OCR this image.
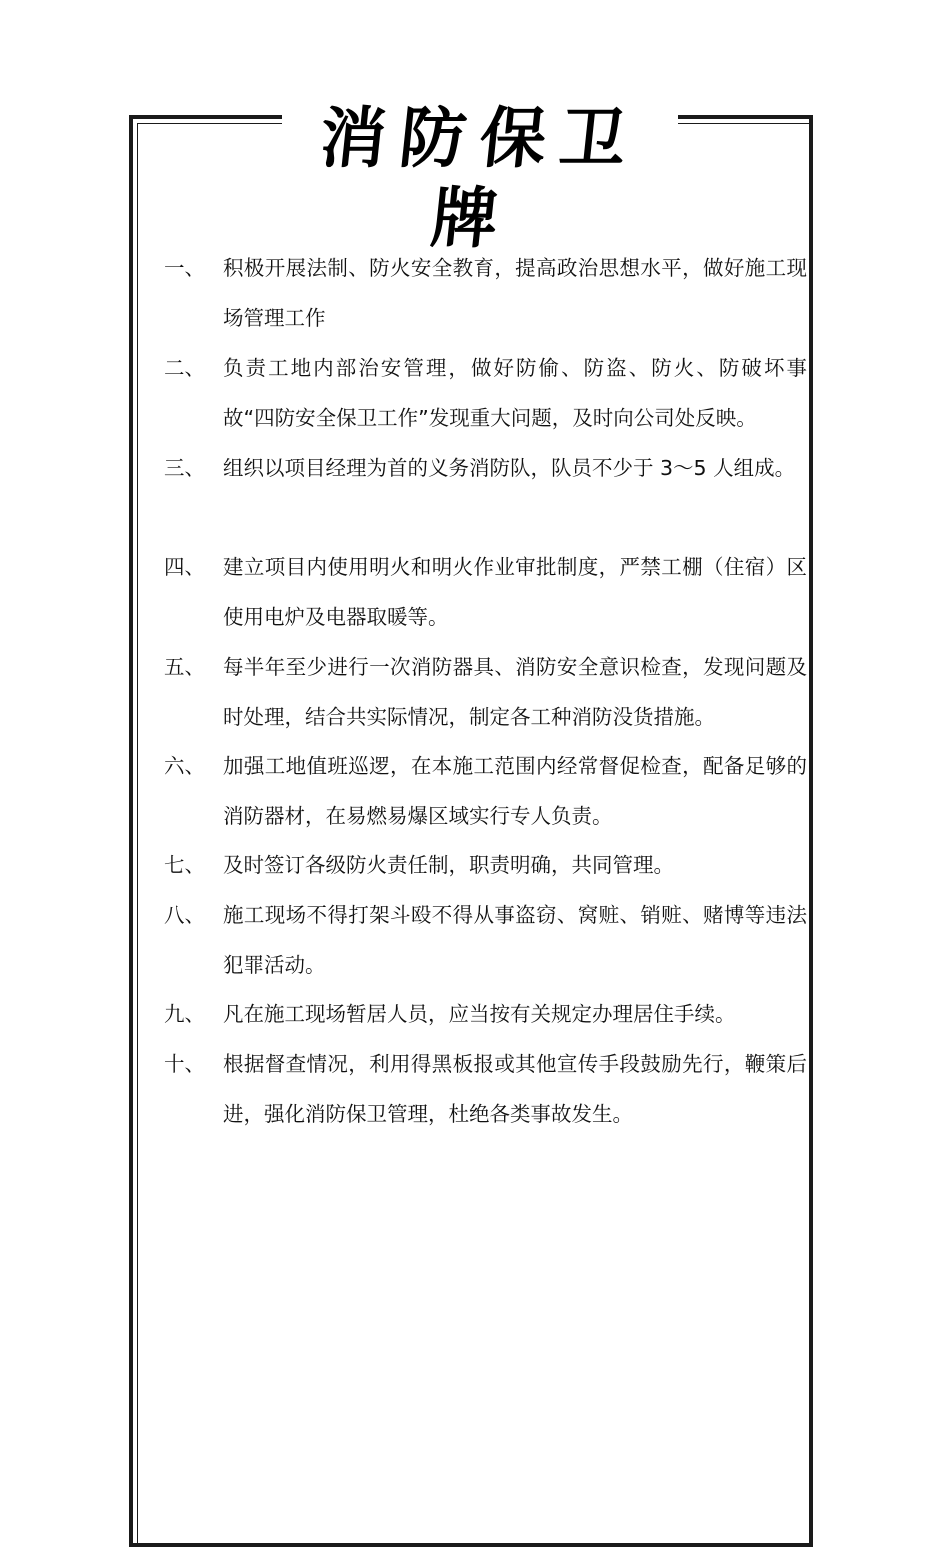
消防保卫牌
一、 积极开展法制、防火安全教育，提高政治思想水平，做好施工现场管理工作
二、 负责工地内部治安管理，做好防偷、防盗、防火、防破坏事故“四防安全保卫工作”发现重大问题，及时向公司处反映。
三、 组织以项目经理为首的义务消防队，队员不少于 3～5 人组成。
四、 建立项目内使用明火和明火作业审批制度，严禁工棚（住宿）区使用电炉及电器取暖等。
五、 每半年至少进行一次消防器具、消防安全意识检查，发现问题及时处理，结合共实际情况，制定各工种消防没货措施。
六、 加强工地值班巡逻，在本施工范围内经常督促检查，配备足够的消防器材，在易燃易爆区域实行专人负责。
七、 及时签订各级防火责任制，职责明确，共同管理。
八、 施工现场不得打架斗殴不得从事盗窃、窝赃、销赃、赌博等违法犯罪活动。
九、 凡在施工现场暂居人员，应当按有关规定办理居住手续。
十、 根据督查情况，利用得黑板报或其他宣传手段鼓励先行，鞭策后进，强化消防保卫管理，杜绝各类事故发生。
